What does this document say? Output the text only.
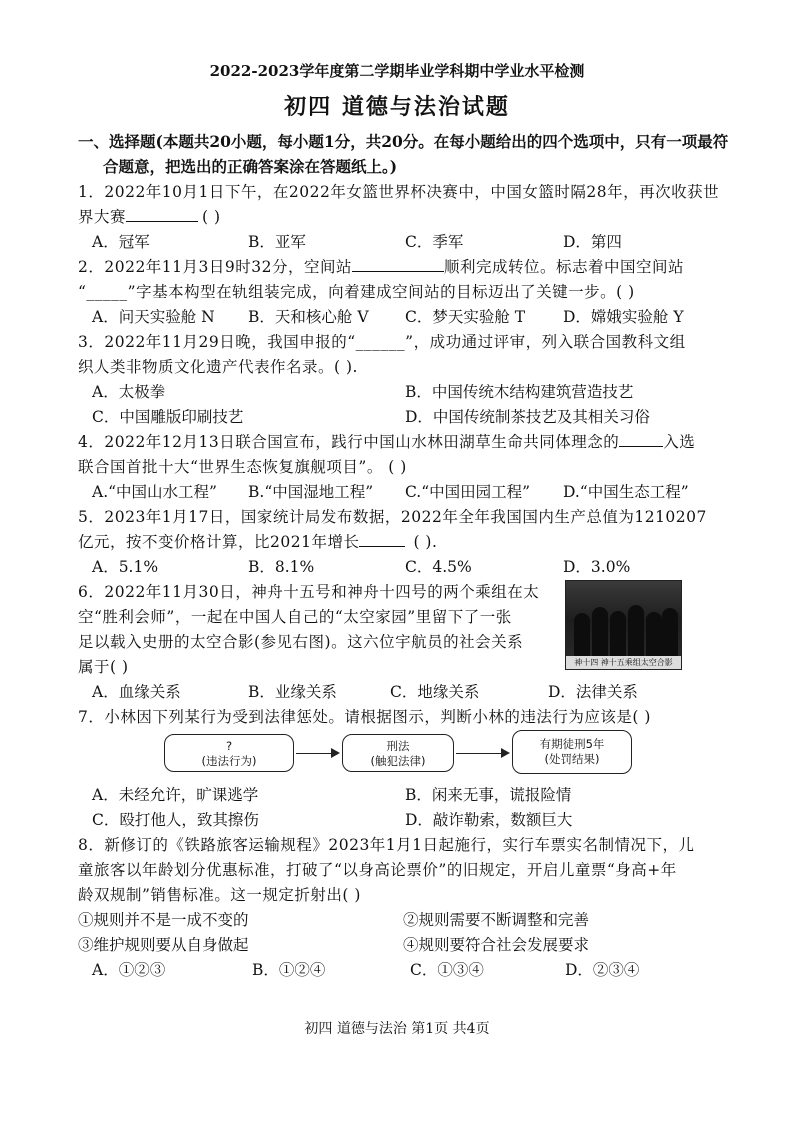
2022-2023学年度第二学期毕业学科期中学业水平检测
初四 道德与法治试题
一、选择题(本题共20小题，每小题1分，共20分。在每小题给出的四个选项中，只有一项最符
合题意，把选出的正确答案涂在答题纸上。)
1．2022年10月1日下午，在2022年女篮世界杯决赛中，中国女篮时隔28年，再次收获世
界大赛	( )
A．冠军	B．亚军	C．季军	D．第四
2．2022年11月3日9时32分，空间站	顺利完成转位。标志着中国空间站
“_____”字基本构型在轨组装完成，向着建成空间站的目标迈出了关键一步。( )
A．问天实验舱 N B．天和核心舱 V C．梦天实验舱 T D．嫦娥实验舱 Y
3．2022年11月29日晚，我国申报的“______”，成功通过评审，列入联合国教科文组
织人类非物质文化遗产代表作名录。( ).
A．太极拳	B．中国传统木结构建筑营造技艺
C．中国雕版印刷技艺	D．中国传统制茶技艺及其相关习俗
4．2022年12月13日联合国宣布，践行中国山水林田湖草生命共同体理念的	入选
联合国首批十大“世界生态恢复旗舰项目”。 ( )
A.“中国山水工程” B.“中国湿地工程” C.“中国田园工程” D.“中国生态工程”
5．2023年1月17日，国家统计局发布数据，2022年全年我国国内生产总值为1210207
亿元，按不变价格计算，比2021年增长	( ).
A．5.1%	B．8.1%	C．4.5%	D．3.0%
6．2022年11月30日，神舟十五号和神舟十四号的两个乘组在太
空“胜利会师”，一起在中国人自己的“太空家园”里留下了一张
足以载入史册的太空合影(参见右图)。这六位宇航员的社会关系
属于( )	神十四 神十五乘组太空合影
A．血缘关系	B．业缘关系	C．地缘关系	D．法律关系
7．小林因下列某行为受到法律惩处。请根据图示，判断小林的违法行为应该是( )
?
(违法行为)
刑法
(触犯法律)
有期徒刑5年
(处罚结果)
A．未经允许，旷课逃学	B．闲来无事，谎报险情
C．殴打他人，致其擦伤	D．敲诈勒索，数额巨大
8．新修订的《铁路旅客运输规程》2023年1月1日起施行，实行车票实名制情况下，儿
童旅客以年龄划分优惠标准，打破了“以身高论票价”的旧规定，开启儿童票“身高+年
龄双规制”销售标准。这一规定折射出( )
①规则并不是一成不变的	②规则需要不断调整和完善
③维护规则要从自身做起	④规则要符合社会发展要求
A．①②③	B．①②④	C．①③④	D．②③④
初四 道德与法治 第1页 共4页
